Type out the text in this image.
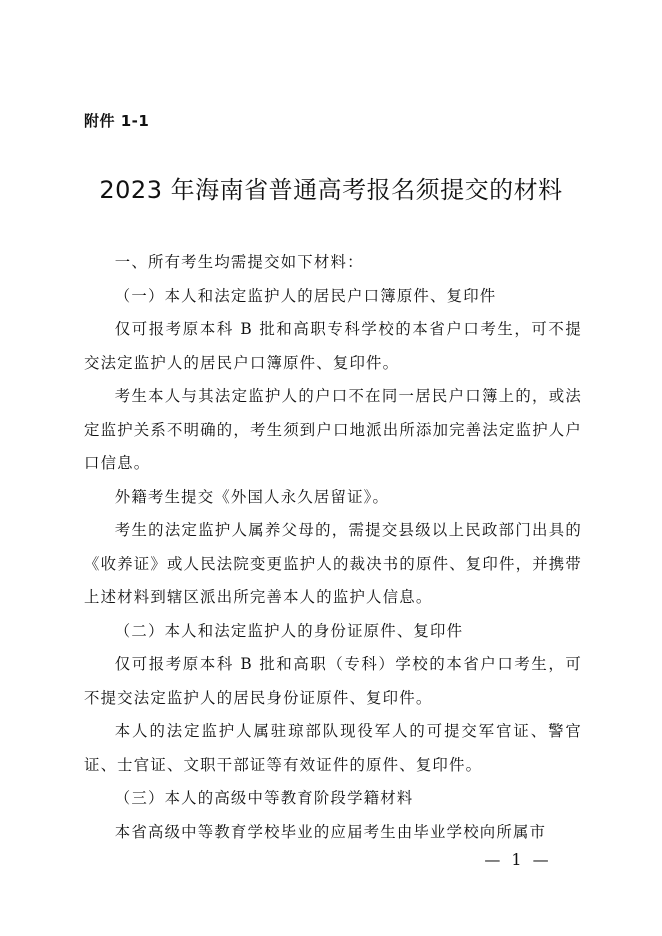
附件 1-1
2023 年海南省普通高考报名须提交的材料

一、所有考生均需提交如下材料：

（一）本人和法定监护人的居民户口簿原件、复印件

仅可报考原本科 B 批和高职专科学校的本省户口考生，可不提交法定监护人的居民户口簿原件、复印件。

考生本人与其法定监护人的户口不在同一居民户口簿上的，或法定监护关系不明确的，考生须到户口地派出所添加完善法定监护人户口信息。

外籍考生提交《外国人永久居留证》。

考生的法定监护人属养父母的，需提交县级以上民政部门出具的《收养证》或人民法院变更监护人的裁决书的原件、复印件，并携带上述材料到辖区派出所完善本人的监护人信息。

（二）本人和法定监护人的身份证原件、复印件

仅可报考原本科 B 批和高职（专科）学校的本省户口考生，可不提交法定监护人的居民身份证原件、复印件。

本人的法定监护人属驻琼部队现役军人的可提交军官证、警官证、士官证、文职干部证等有效证件的原件、复印件。

（三）本人的高级中等教育阶段学籍材料

本省高级中等教育学校毕业的应届考生由毕业学校向所属市

— 1 —
